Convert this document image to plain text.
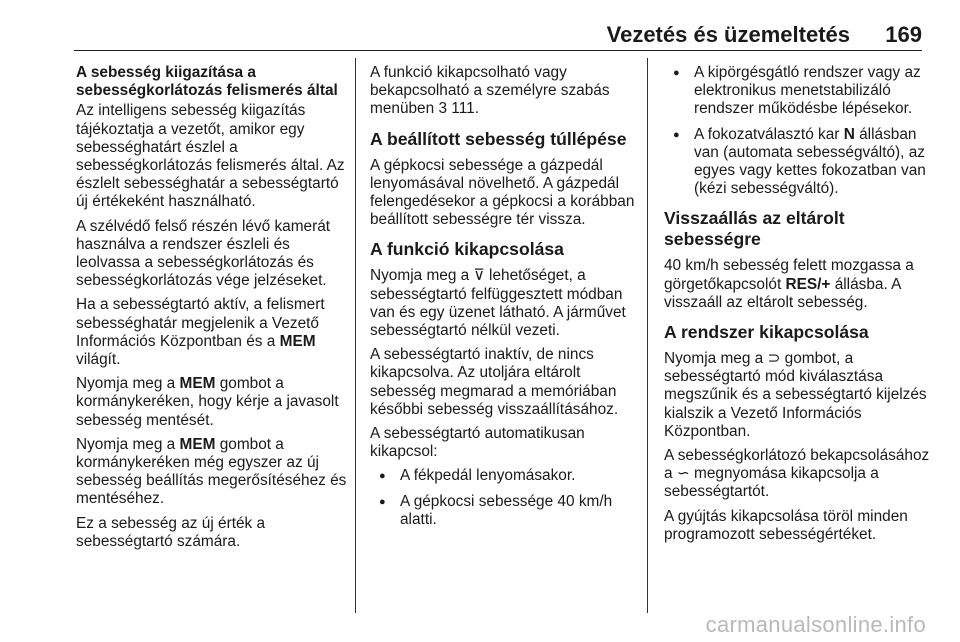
Vezetés és üzemeltetés 169

A sebesség kiigazítása a sebességkorlátozás felismerés által

Az intelligens sebesség kiigazítás tájékoztatja a vezetőt, amikor egy sebességhatárt észlel a sebességkorlátozás felismerés által. Az észlelt sebességhatár a sebességtartó új értékeként használható.

A szélvédő felső részén lévő kamerát használva a rendszer észleli és leolvassa a sebességkorlátozás és sebességkorlátozás vége jelzéseket.

Ha a sebességtartó aktív, a felismert sebességhatár megjelenik a Vezető Információs Központban és a MEM világít.

Nyomja meg a MEM gombot a kormánykeréken, hogy kérje a javasolt sebesség mentését.

Nyomja meg a MEM gombot a kormánykeréken még egyszer az új sebesség beállítás megerősítéséhez és mentéséhez.

Ez a sebesség az új érték a sebességtartó számára.

A funkció kikapcsolható vagy bekapcsolható a személyre szabás menüben 3 111.

A beállított sebesség túllépése

A gépkocsi sebessége a gázpedál lenyomásával növelhető. A gázpedál felengedésekor a gépkocsi a korábban beállított sebességre tér vissza.

A funkció kikapcsolása

Nyomja meg a ⊽ lehetőséget, a sebességtartó felfüggesztett módban van és egy üzenet látható. A járművet sebességtartó nélkül vezeti.

A sebességtartó inaktív, de nincs kikapcsolva. Az utoljára eltárolt sebesség megmarad a memóriában későbbi sebesség visszaállításához.

A sebességtartó automatikusan kikapcsol:

● A fékpedál lenyomásakor.
● A gépkocsi sebessége 40 km/h alatti.
● A kipörgésgátló rendszer vagy az elektronikus menetstabilizáló rendszer működésbe lépésekor.
● A fokozatválasztó kar N állásban van (automata sebességváltó), az egyes vagy kettes fokozatban van (kézi sebességváltó).
Visszaállás az eltárolt sebességre

40 km/h sebesség felett mozgassa a görgetőkapcsolót RES/+ állásba. A visszaáll az eltárolt sebesség.

A rendszer kikapcsolása

Nyomja meg a ⊃ gombot, a sebességtartó mód kiválasztása megszűnik és a sebességtartó kijelzés kialszik a Vezető Információs Központban.

A sebességkorlátozó bekapcsolásához a ∽ megnyomása kikapcsolja a sebességtartót.

A gyújtás kikapcsolása töröl minden programozott sebességértéket.

carmanualsonline.info
